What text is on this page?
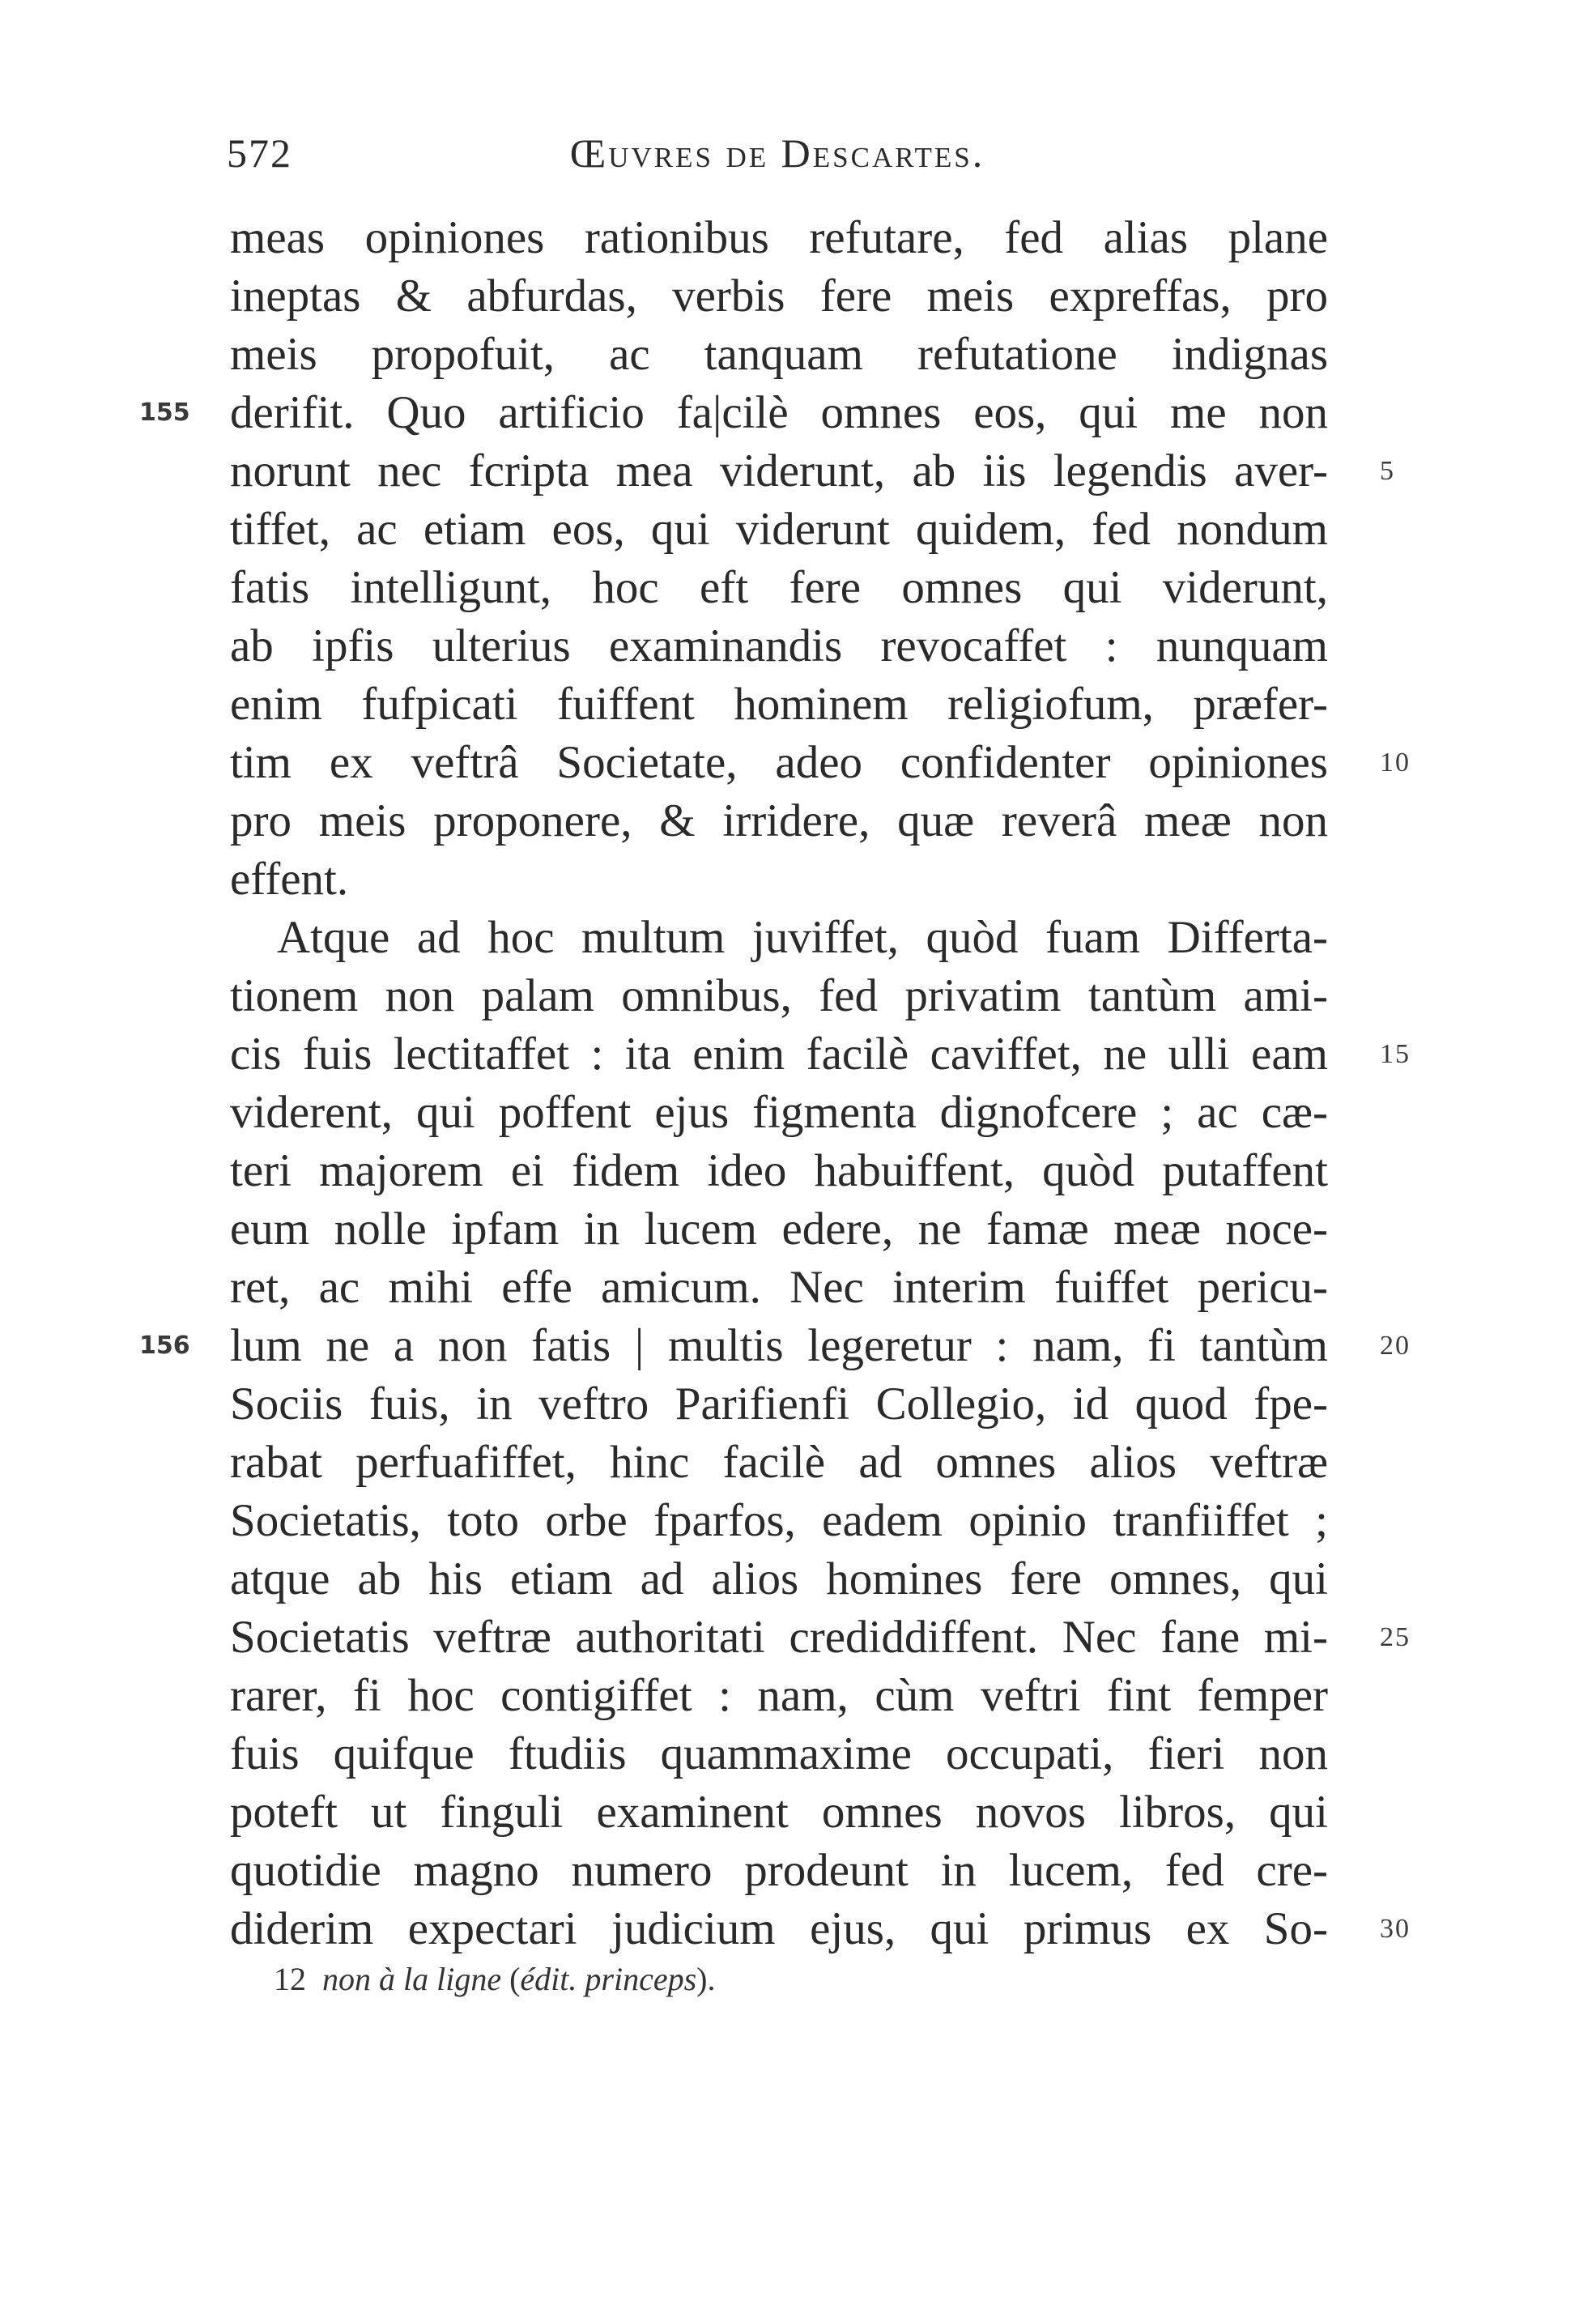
572	Œuvres de Descartes.
meas opiniones rationibus refutare, fed alias plane
ineptas & abfurdas, verbis fere meis expreffas, pro
meis propofuit, ac tanquam refutatione indignas
derifit. Quo artificio fa|cilè omnes eos, qui me non
155
norunt nec fcripta mea viderunt, ab iis legendis aver- 5
tiffet, ac etiam eos, qui viderunt quidem, fed nondum
fatis intelligunt, hoc eft fere omnes qui viderunt,
ab ipfis ulterius examinandis revocaffet : nunquam
enim fufpicati fuiffent hominem religiofum, præfer-
tim ex veftrâ Societate, adeo confidenter opiniones 10
pro meis proponere, & irridere, quæ reverâ meæ non
effent.
Atque ad hoc multum juviffet, quòd fuam Differta-
tionem non palam omnibus, fed privatim tantùm ami-
cis fuis lectitaffet : ita enim facilè caviffet, ne ulli eam 15
viderent, qui poffent ejus figmenta dignofcere ; ac cæ-
teri majorem ei fidem ideo habuiffent, quòd putaffent
eum nolle ipfam in lucem edere, ne famæ meæ noce-
ret, ac mihi effe amicum. Nec interim fuiffet pericu-
lum ne a non fatis | multis legeretur : nam, fi tantùm
156	20
Sociis fuis, in veftro Parifienfi Collegio, id quod fpe-
rabat perfuafiffet, hinc facilè ad omnes alios veftræ
Societatis, toto orbe fparfos, eadem opinio tranfiiffet ;
atque ab his etiam ad alios homines fere omnes, qui
Societatis veftræ authoritati crediddiffent. Nec fane mi- 25
rarer, fi hoc contigiffet : nam, cùm veftri fint femper
fuis quifque ftudiis quammaxime occupati, fieri non
poteft ut finguli examinent omnes novos libros, qui
quotidie magno numero prodeunt in lucem, fed cre-
diderim expectari judicium ejus, qui primus ex So- 30
12 non à la ligne (édit. princeps).
